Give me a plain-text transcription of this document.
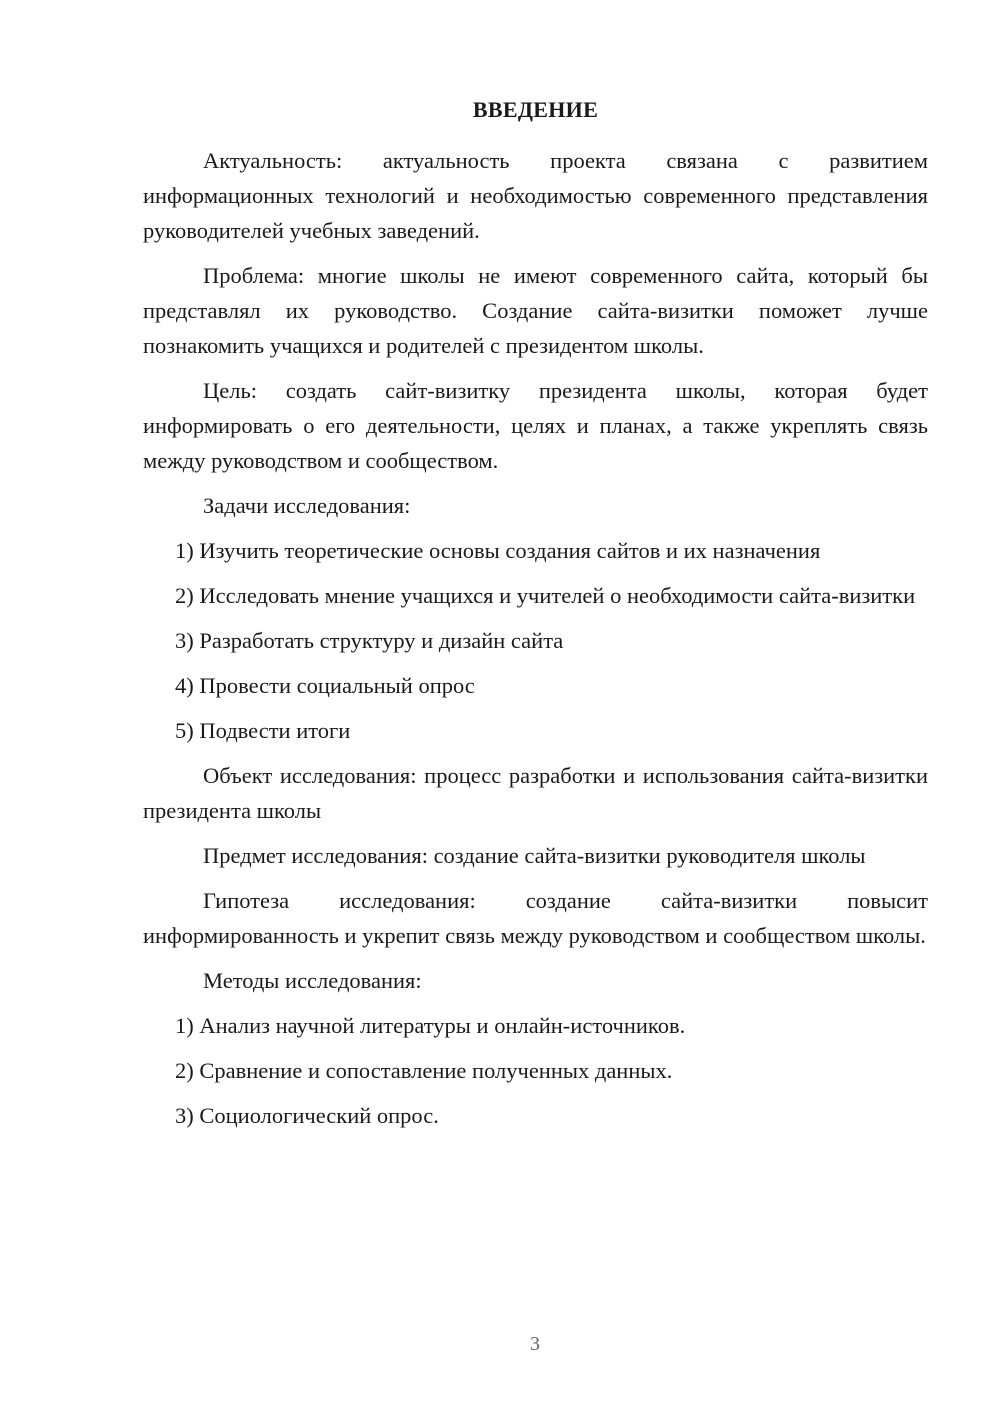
ВВЕДЕНИЕ

Актуальность: актуальность проекта связана с развитием информационных технологий и необходимостью современного представления руководителей учебных заведений.

Проблема: многие школы не имеют современного сайта, который бы представлял их руководство. Создание сайта-визитки поможет лучше познакомить учащихся и родителей с президентом школы.

Цель: создать сайт-визитку президента школы, которая будет информировать о его деятельности, целях и планах, а также укреплять связь между руководством и сообществом.

Задачи исследования:

1) Изучить теоретические основы создания сайтов и их назначения

2) Исследовать мнение учащихся и учителей о необходимости сайта-визитки

3) Разработать структуру и дизайн сайта

4) Провести социальный опрос

5) Подвести итоги

Объект исследования: процесс разработки и использования сайта-визитки президента школы

Предмет исследования: создание сайта-визитки руководителя школы

Гипотеза исследования: создание сайта-визитки повысит информированность и укрепит связь между руководством и сообществом школы.

Методы исследования:

1) Анализ научной литературы и онлайн-источников.

2) Сравнение и сопоставление полученных данных.

3) Социологический опрос.

3
